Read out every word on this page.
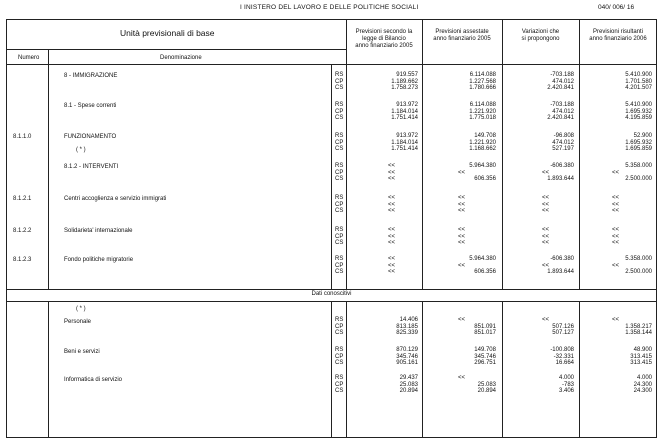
I INISTERO DEL LAVORO E DELLE POLITICHE SOCIALI	040/ 006/ 16
Unità previsionali di base
Numero	Denominazione
Previsioni secondo la
legge di Bilancio
anno finanziario 2005
Previsioni assestate
anno finanziario 2005
Variazioni che
si propongono
Previsioni risultanti
anno finanziario 2006
Dati conoscitivi
8 - IMMIGRAZIONE	RS	919.557	6.114.088	-703.188	5.410.900
CP	1.189.662	1.227.568	474.012	1.701.580
CS	1.758.273	1.780.666	2.420.841	4.201.507
8.1 - Spese correnti	RS	913.972	6.114.088	-703.188	5.410.900
CP	1.184.014	1.221.920	474.012	1.695.932
CS	1.751.414	1.775.018	2.420.841	4.195.859
8.1.1.0	FUNZIONAMENTO
( * )
RS	913.972	149.708	-96.808	52.900
CP	1.184.014	1.221.920	474.012	1.695.932
CS	1.751.414	1.168.662	527.197	1.695.859
8.1.2 - INTERVENTI	RS	<<	5.964.380	-606.380	5.358.000
CP	<<	<<	<<	<<
CS	<<	606.356	1.893.644	2.500.000
8.1.2.1	Centri accoglienza e servizio immigrati	RS	<<	<<	<<	<<
CP	<<	<<	<<	<<
CS	<<	<<	<<	<<
8.1.2.2	Solidarieta' internazionale	RS	<<	<<	<<	<<
CP	<<	<<	<<	<<
CS	<<	<<	<<	<<
8.1.2.3	Fondo politiche migratorie	RS	<<	5.964.380	-606.380	5.358.000
CP	<<	<<	<<	<<
CS	<<	606.356	1.893.644	2.500.000
( * )
Personale	RS	14.406	<<	<<	<<
CP	813.185	851.091	507.126	1.358.217
CS	825.339	851.017	507.127	1.358.144
Beni e servizi	RS	870.129	149.708	-100.808	48.900
CP	345.746	345.746	-32.331	313.415
CS	905.161	296.751	16.664	313.415
Informatica di servizio	RS	29.437	<<	4.000	4.000
CP	25.083	25.083	-783	24.300
CS	20.894	20.894	3.406	24.300
